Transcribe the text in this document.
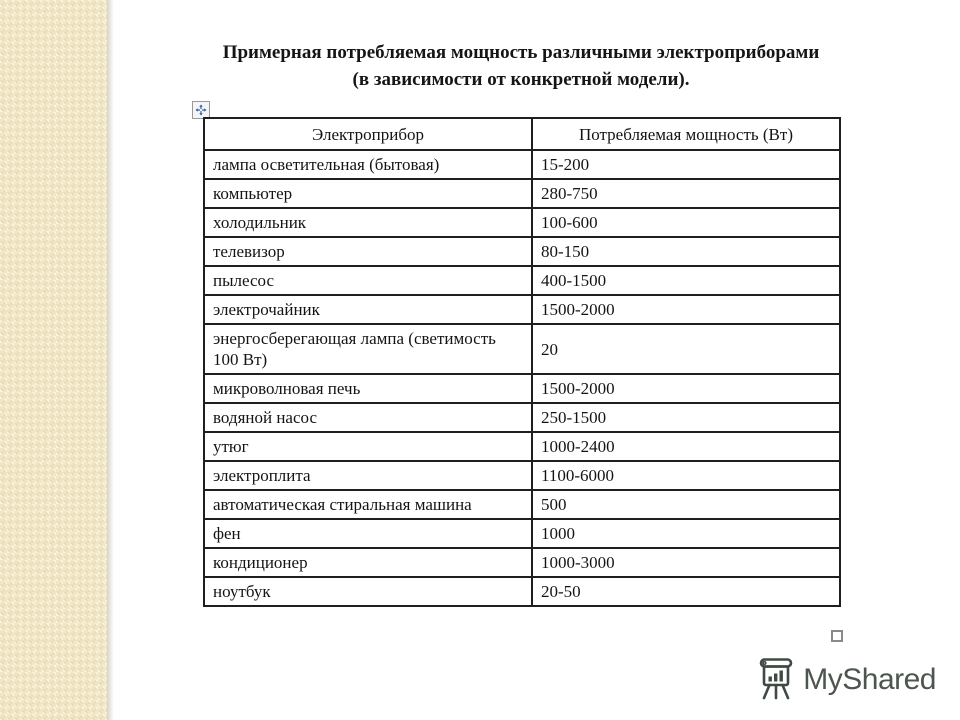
Примерная потребляемая мощность различными электроприборами
(в зависимости от конкретной модели).
Электроприбор	Потребляемая мощность (Вт)
лампа осветительная (бытовая)	15-200
компьютер	280-750
холодильник	100-600
телевизор	80-150
пылесос	400-1500
электрочайник	1500-2000
энергосберегающая лампа (светимость 100 Вт)	20
микроволновая печь	1500-2000
водяной насос	250-1500
утюг	1000-2400
электроплита	1100-6000
автоматическая стиральная машина	500
фен	1000
кондиционер	1000-3000
ноутбук	20-50
MyShared
